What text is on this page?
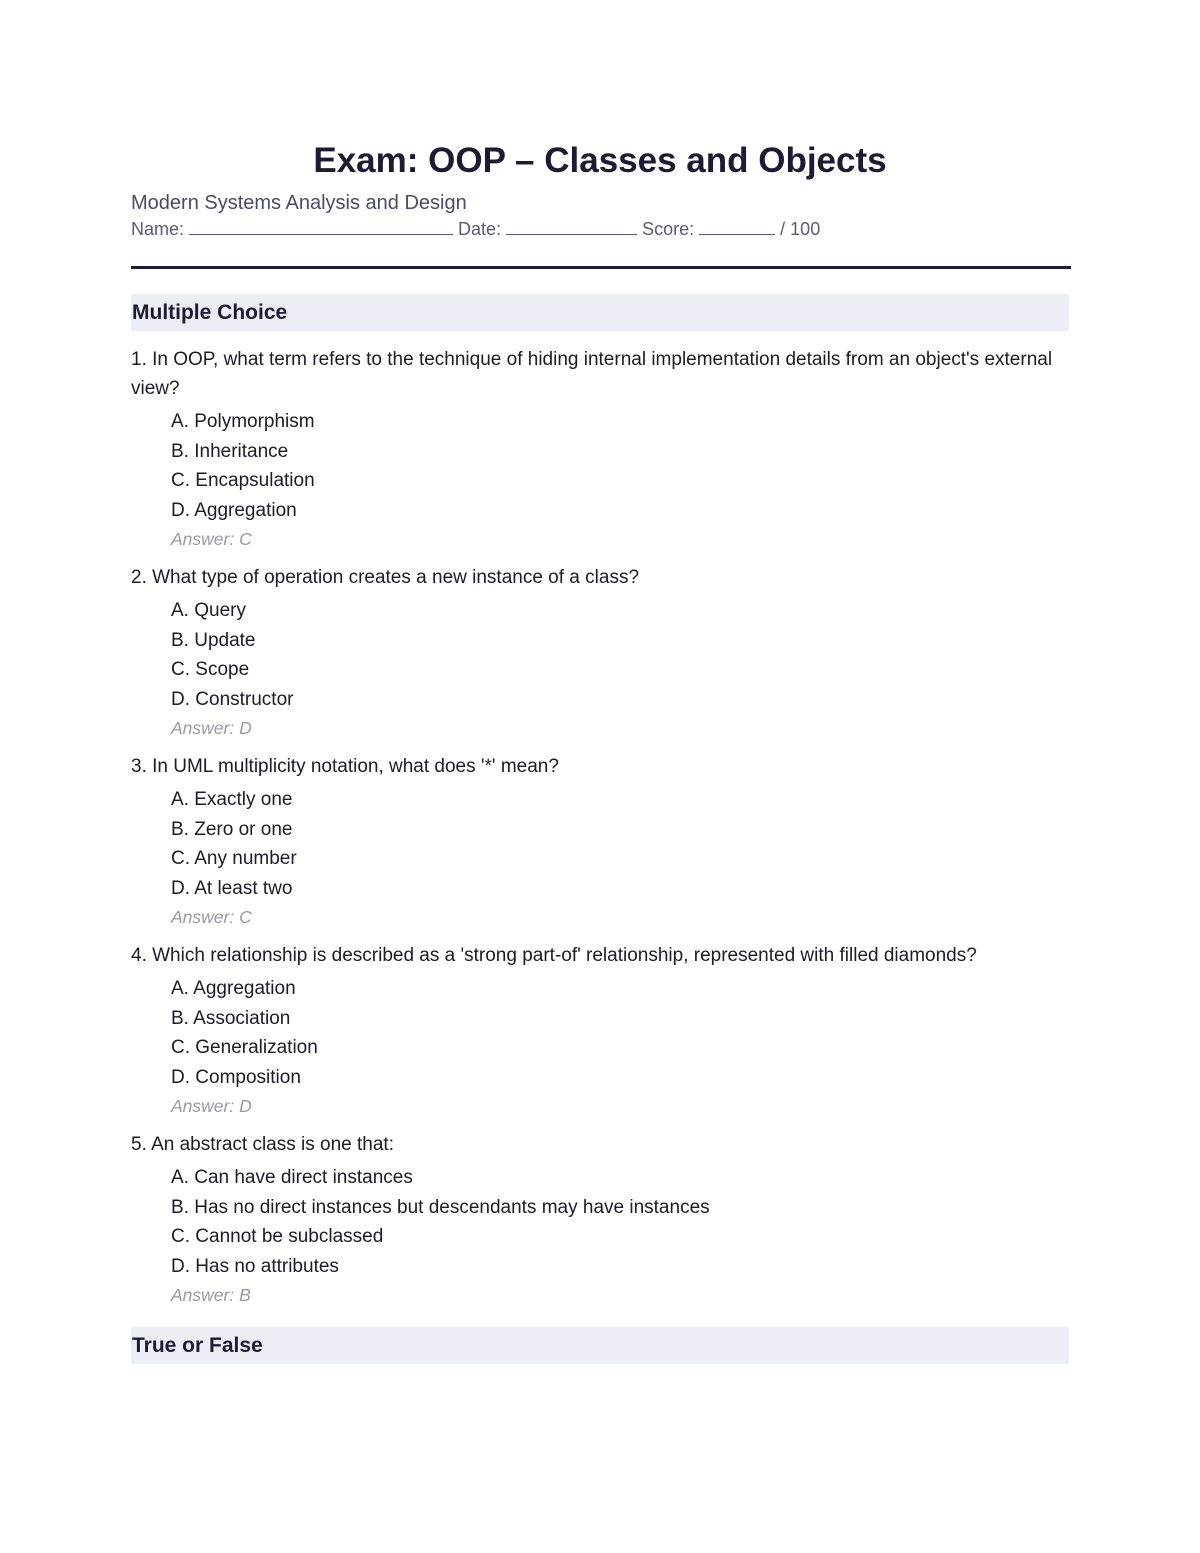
Exam: OOP – Classes and Objects
Modern Systems Analysis and Design
Name:	Date:	Score:	/ 100
Multiple Choice
1. In OOP, what term refers to the technique of hiding internal implementation details from an object's external view?
A. Polymorphism
B. Inheritance
C. Encapsulation
D. Aggregation
Answer: C
2. What type of operation creates a new instance of a class?
A. Query
B. Update
C. Scope
D. Constructor
Answer: D
3. In UML multiplicity notation, what does '*' mean?
A. Exactly one
B. Zero or one
C. Any number
D. At least two
Answer: C
4. Which relationship is described as a 'strong part-of' relationship, represented with filled diamonds?
A. Aggregation
B. Association
C. Generalization
D. Composition
Answer: D
5. An abstract class is one that:
A. Can have direct instances
B. Has no direct instances but descendants may have instances
C. Cannot be subclassed
D. Has no attributes
Answer: B
True or False
